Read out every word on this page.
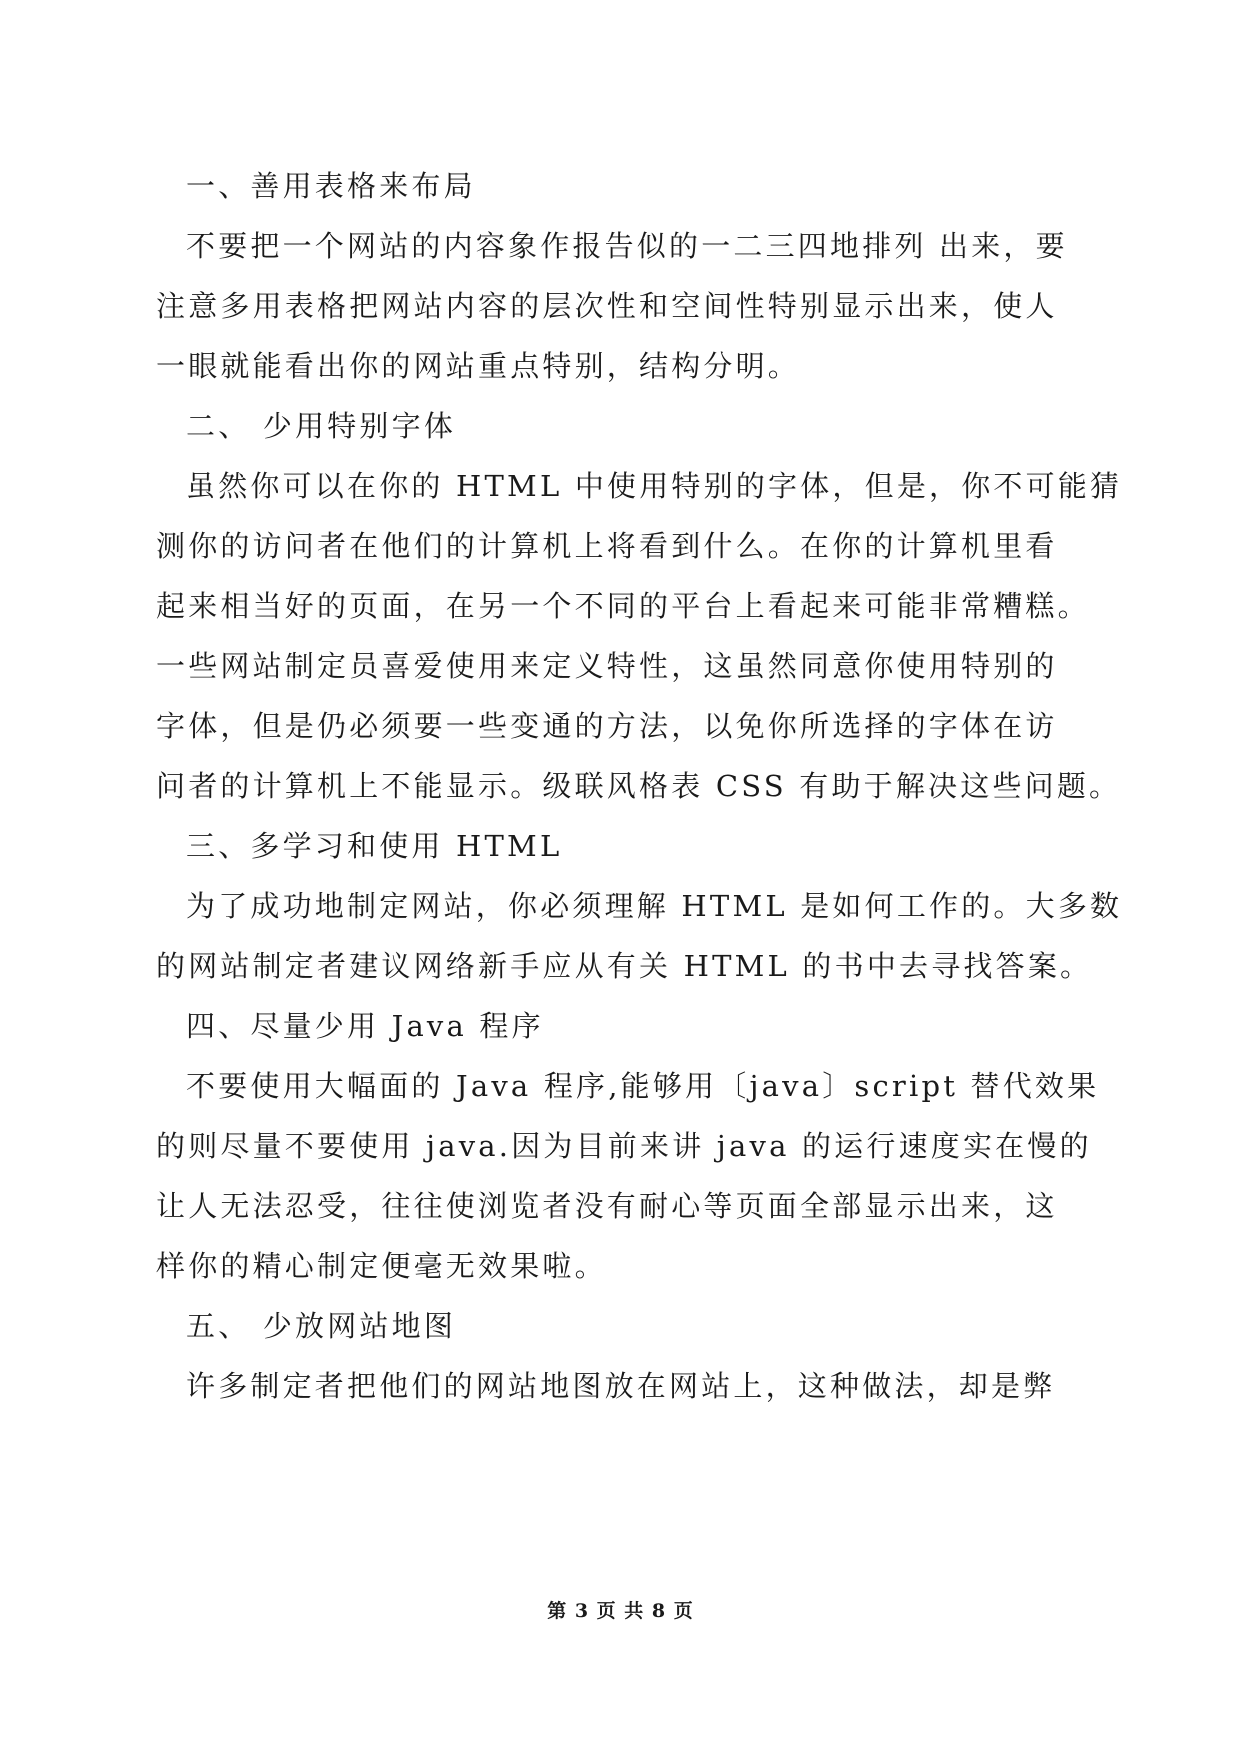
一、善用表格来布局
不要把一个网站的内容象作报告似的一二三四地排列 出来，要
注意多用表格把网站内容的层次性和空间性特别显示出来，使人
一眼就能看出你的网站重点特别，结构分明。
二、 少用特别字体
虽然你可以在你的 HTML 中使用特别的字体，但是，你不可能猜
测你的访问者在他们的计算机上将看到什么。在你的计算机里看
起来相当好的页面，在另一个不同的平台上看起来可能非常糟糕。
一些网站制定员喜爱使用来定义特性，这虽然同意你使用特别的
字体，但是仍必须要一些变通的方法，以免你所选择的字体在访
问者的计算机上不能显示。级联风格表 CSS 有助于解决这些问题。
三、多学习和使用 HTML
为了成功地制定网站，你必须理解 HTML 是如何工作的。大多数
的网站制定者建议网络新手应从有关 HTML 的书中去寻找答案。
四、尽量少用 Java 程序
不要使用大幅面的 Java 程序,能够用〔java〕script 替代效果
的则尽量不要使用 java.因为目前来讲 java 的运行速度实在慢的
让人无法忍受，往往使浏览者没有耐心等页面全部显示出来，这
样你的精心制定便毫无效果啦。
五、 少放网站地图
许多制定者把他们的网站地图放在网站上，这种做法，却是弊
第 3 页 共 8 页
